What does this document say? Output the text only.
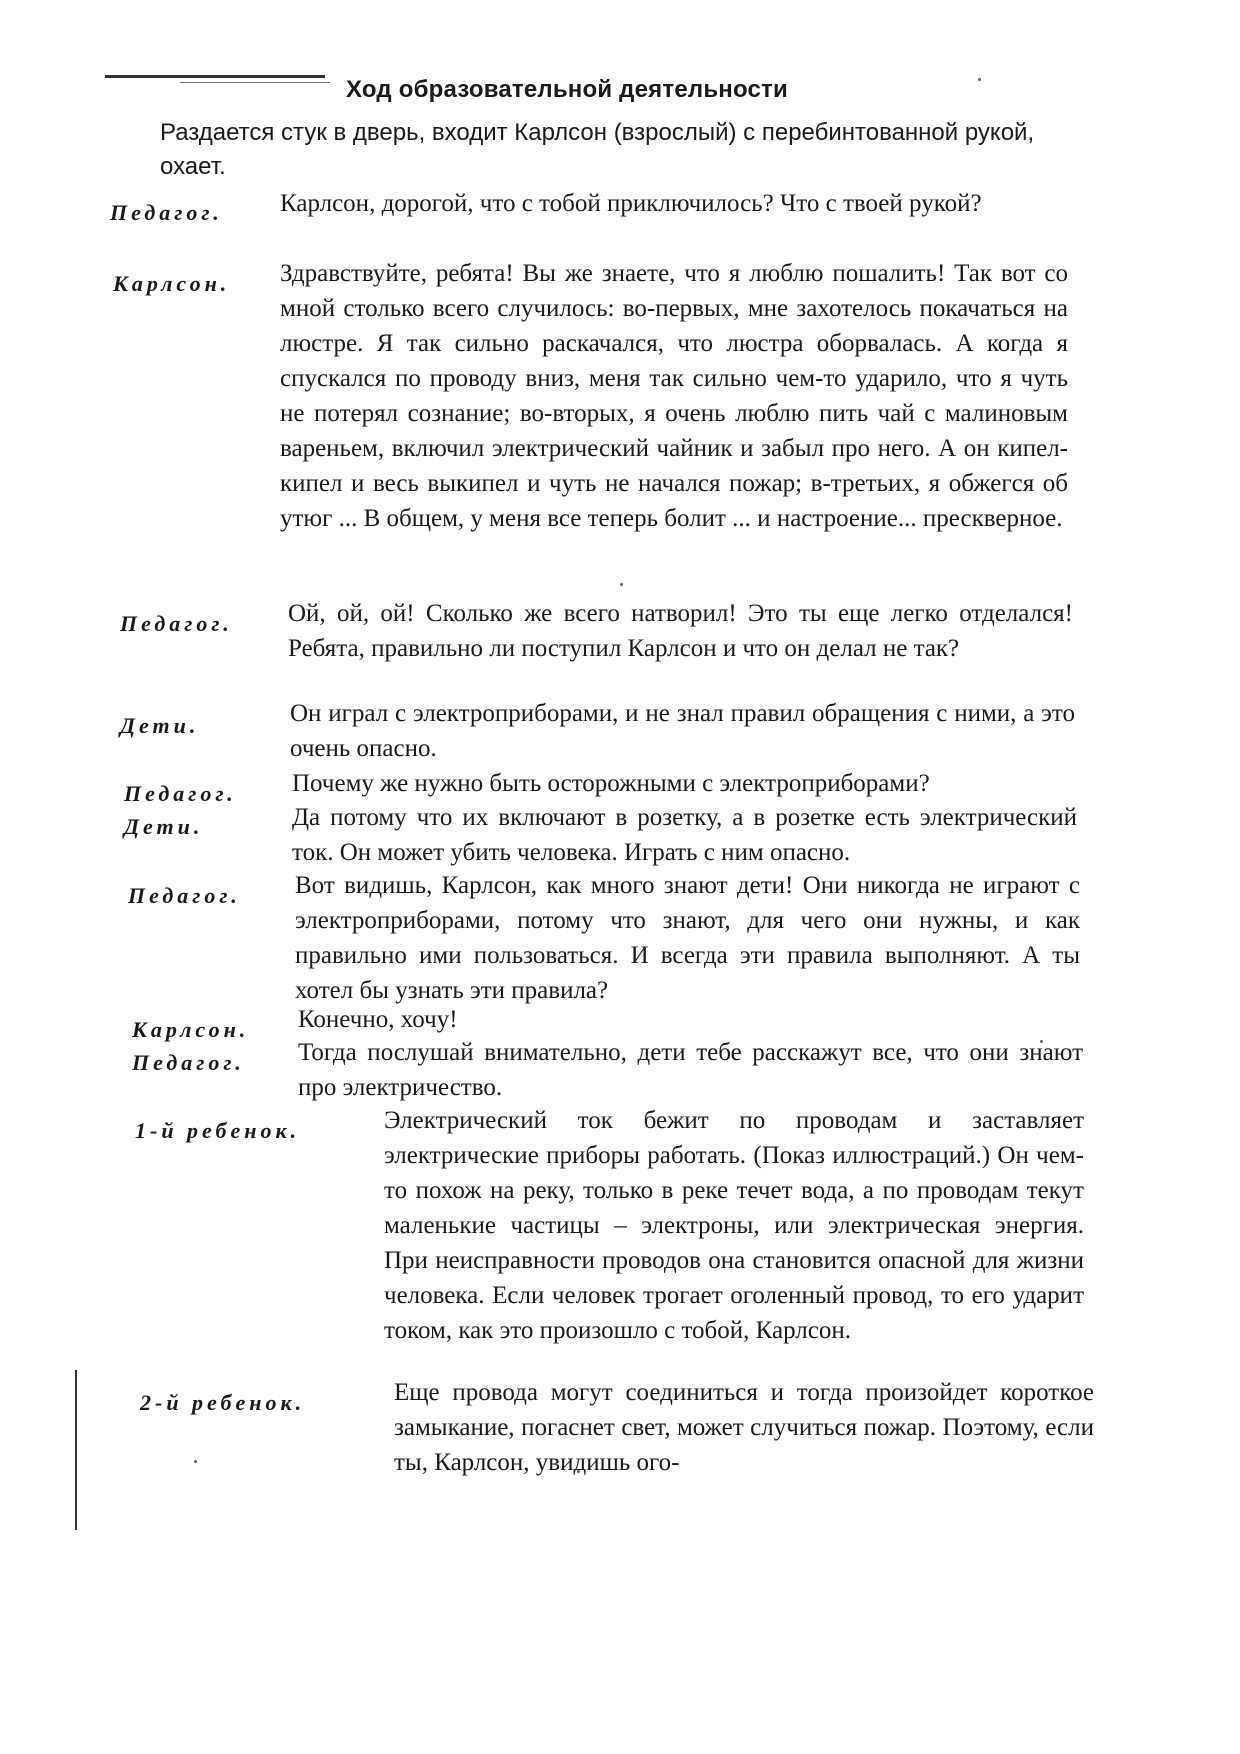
Ход образовательной деятельности
Раздается стук в дверь, входит Карлсон (взрослый) с перебинтованной рукой, охает.
Педагог. Карлсон, дорогой, что с тобой приключилось? Что с твоей рукой?
Карлсон. Здравствуйте, ребята! Вы же знаете, что я люблю пошалить! Так вот со мной столько всего случилось: во-первых, мне захотелось покачаться на люстре. Я так сильно раскачался, что люстра оборвалась. А когда я спускался по проводу вниз, меня так сильно чем-то ударило, что я чуть не потерял сознание; во-вторых, я очень люблю пить чай с малиновым вареньем, включил электрический чайник и забыл про него. А он кипел-кипел и весь выкипел и чуть не начался пожар; в-третьих, я обжегся об утюг ... В общем, у меня все теперь болит ... и настроение... прескверное.
Педагог. Ой, ой, ой! Сколько же всего натворил! Это ты еще легко отделался! Ребята, правильно ли поступил Карлсон и что он делал не так?
Дети.	Он играл с электроприборами, и не знал правил обращения с ними, а это очень опасно.
Педагог. Почему же нужно быть осторожными с электроприборами?
Дети.	Да потому что их включают в розетку, а в розетке есть электрический ток. Он может убить человека. Играть с ним опасно.
Педагог. Вот видишь, Карлсон, как много знают дети! Они никогда не играют с электроприборами, потому что знают, для чего они нужны, и как правильно ими пользоваться. И всегда эти правила выполняют. А ты хотел бы узнать эти правила?
Карлсон. Конечно, хочу!
Педагог. Тогда послушай внимательно, дети тебе расскажут все, что они знают про электричество.
1-й ребенок.	Электрический ток бежит по проводам и заставляет электрические приборы работать. (Показ иллюстраций.) Он чем-то похож на реку, только в реке течет вода, а по проводам текут маленькие частицы – электроны, или электрическая энергия. При неисправности проводов она становится опасной для жизни человека. Если человек трогает оголенный провод, то его ударит током, как это произошло с тобой, Карлсон.
2-й ребенок.	Еще провода могут соединиться и тогда произойдет короткое замыкание, погаснет свет, может случиться пожар. Поэтому, если ты, Карлсон, увидишь ого-
